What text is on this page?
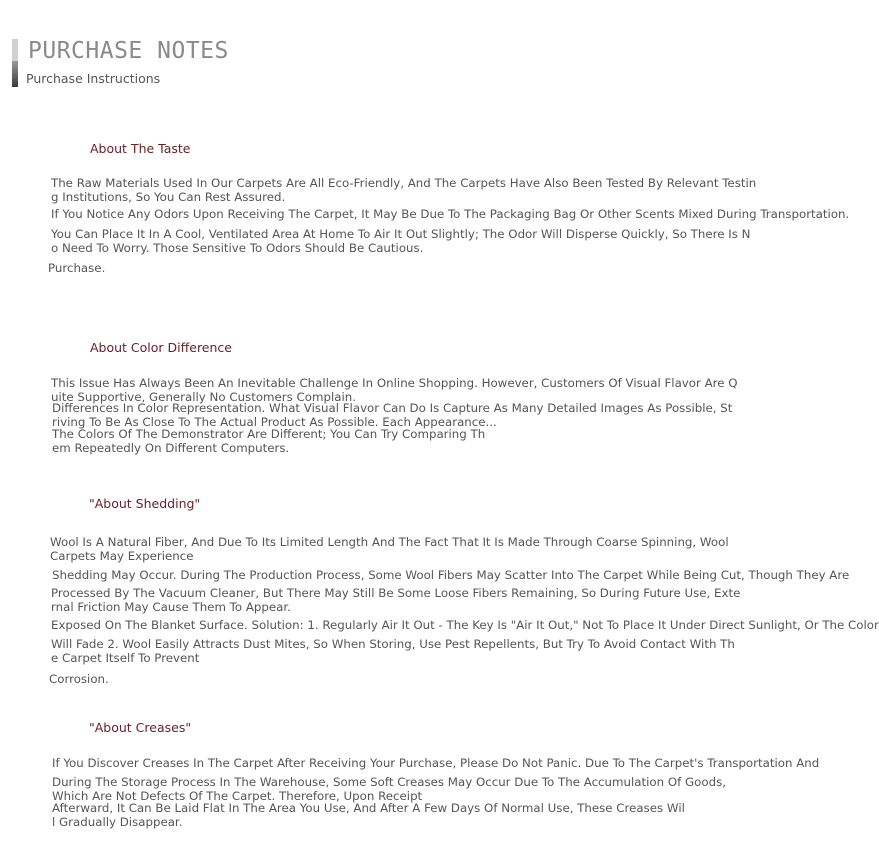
PURCHASE NOTES
Purchase Instructions
About The Taste
The Raw Materials Used In Our Carpets Are All Eco-Friendly, And The Carpets Have Also Been Tested By Relevant Testin
g Institutions, So You Can Rest Assured.
If You Notice Any Odors Upon Receiving The Carpet, It May Be Due To The Packaging Bag Or Other Scents Mixed During Transportation.
You Can Place It In A Cool, Ventilated Area At Home To Air It Out Slightly; The Odor Will Disperse Quickly, So There Is N
o Need To Worry. Those Sensitive To Odors Should Be Cautious.
Purchase.
About Color Difference
This Issue Has Always Been An Inevitable Challenge In Online Shopping. However, Customers Of Visual Flavor Are Q
uite Supportive, Generally No Customers Complain.
Differences In Color Representation. What Visual Flavor Can Do Is Capture As Many Detailed Images As Possible, St
riving To Be As Close To The Actual Product As Possible. Each Appearance...
The Colors Of The Demonstrator Are Different; You Can Try Comparing Th
em Repeatedly On Different Computers.
"About Shedding"
Wool Is A Natural Fiber, And Due To Its Limited Length And The Fact That It Is Made Through Coarse Spinning, Wool
Carpets May Experience
Shedding May Occur. During The Production Process, Some Wool Fibers May Scatter Into The Carpet While Being Cut, Though They Are
Processed By The Vacuum Cleaner, But There May Still Be Some Loose Fibers Remaining, So During Future Use, Exte
rnal Friction May Cause Them To Appear.
Exposed On The Blanket Surface. Solution: 1. Regularly Air It Out - The Key Is "Air It Out," Not To Place It Under Direct Sunlight, Or The Color
Will Fade 2. Wool Easily Attracts Dust Mites, So When Storing, Use Pest Repellents, But Try To Avoid Contact With Th
e Carpet Itself To Prevent
Corrosion.
"About Creases"
If You Discover Creases In The Carpet After Receiving Your Purchase, Please Do Not Panic. Due To The Carpet's Transportation And
During The Storage Process In The Warehouse, Some Soft Creases May Occur Due To The Accumulation Of Goods,
Which Are Not Defects Of The Carpet. Therefore, Upon Receipt
Afterward, It Can Be Laid Flat In The Area You Use, And After A Few Days Of Normal Use, These Creases Wil
l Gradually Disappear.
